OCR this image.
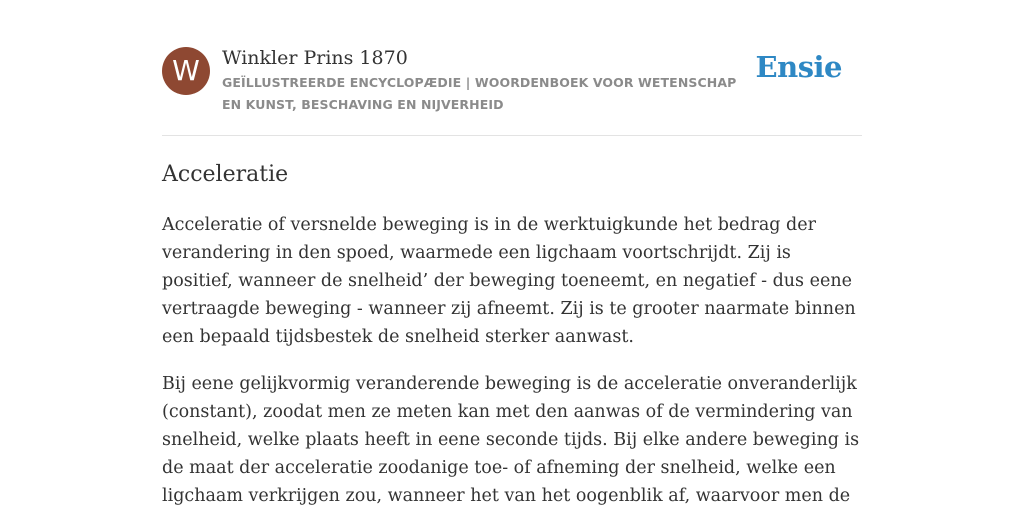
W	Winkler Prins 1870
GEÏLLUSTREERDE ENCYCLOPÆDIE | WOORDENBOEK VOOR WETENSCHAP EN KUNST, BESCHAVING EN NIJVERHEID
Ensie
Acceleratie

Acceleratie of versnelde beweging is in de werktuigkunde het bedrag der verandering in den spoed, waarmede een ligchaam voortschrijdt. Zij is positief, wanneer de snelheid’ der beweging toeneemt, en negatief - dus eene vertraagde beweging - wanneer zij afneemt. Zij is te grooter naarmate binnen een bepaald tijdsbestek de snelheid sterker aanwast.

Bij eene gelijkvormig veranderende beweging is de acceleratie onveranderlijk (constant), zoodat men ze meten kan met den aanwas of de vermindering van snelheid, welke plaats heeft in eene seconde tijds. Bij elke andere beweging is de maat der acceleratie zoodanige toe- of afneming der snelheid, welke een ligchaam verkrijgen zou, wanneer het van het oogenblik af, waarvoor men de
